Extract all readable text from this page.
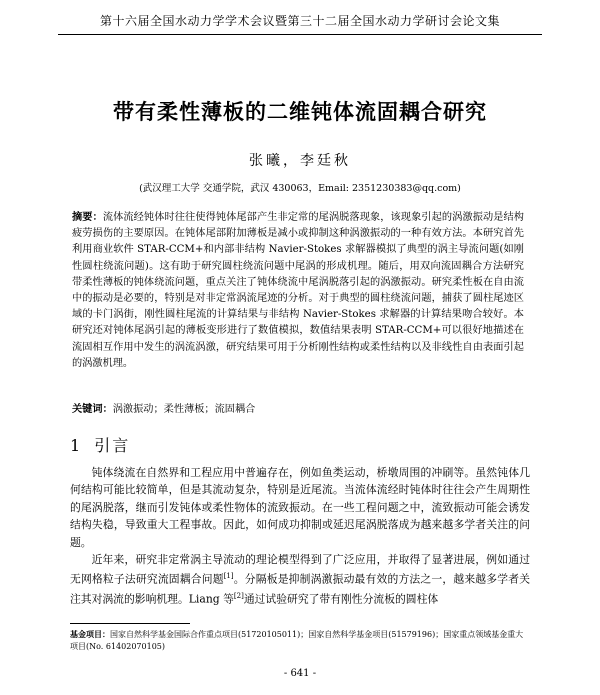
第十六届全国水动力学学术会议暨第三十二届全国水动力学研讨会论文集
带有柔性薄板的二维钝体流固耦合研究
张曦，李廷秋
(武汉理工大学 交通学院，武汉 430063，Email: 2351230383@qq.com)
摘要：流体流经钝体时往往使得钝体尾部产生非定常的尾涡脱落现象，该现象引起的涡激振动是结构疲劳损伤的主要原因。在钝体尾部附加薄板是减小或抑制这种涡激振动的一种有效方法。本研究首先利用商业软件 STAR-CCM+和内部非结构 Navier-Stokes 求解器模拟了典型的涡主导流问题(如刚性圆柱绕流问题)。这有助于研究圆柱绕流问题中尾涡的形成机理。随后，用双向流固耦合方法研究带柔性薄板的钝体绕流问题，重点关注了钝体绕流中尾涡脱落引起的涡激振动。研究柔性板在自由流中的振动是必要的，特别是对非定常涡流尾迹的分析。对于典型的圆柱绕流问题，捕获了圆柱尾迹区域的卡门涡街，刚性圆柱尾流的计算结果与非结构 Navier-Stokes 求解器的计算结果吻合较好。本研究还对钝体尾涡引起的薄板变形进行了数值模拟，数值结果表明 STAR-CCM+可以很好地描述在流固相互作用中发生的涡流涡激，研究结果可用于分析刚性结构或柔性结构以及非线性自由表面引起的涡激机理。
关键词：涡激振动；柔性薄板；流固耦合
1 引言

钝体绕流在自然界和工程应用中普遍存在，例如鱼类运动，桥墩周围的冲刷等。虽然钝体几何结构可能比较简单，但是其流动复杂，特别是近尾流。当流体流经时钝体时往往会产生周期性的尾涡脱落，继而引发钝体或柔性物体的流致振动。在一些工程问题之中，流致振动可能会诱发结构失稳，导致重大工程事故。因此，如何成功抑制或延迟尾涡脱落成为越来越多学者关注的问题。

近年来，研究非定常涡主导流动的理论模型得到了广泛应用，并取得了显著进展，例如通过无网格粒子法研究流固耦合问题[1]。分隔板是抑制涡激振动最有效的方法之一，越来越多学者关注其对涡流的影响机理。Liang 等[2]通过试验研究了带有刚性分流板的圆柱体

基金项目：国家自然科学基金国际合作重点项目(51720105011)；国家自然科学基金项目(51579196)；国家重点领域基金重大项目(No. 61402070105)
- 641 -
